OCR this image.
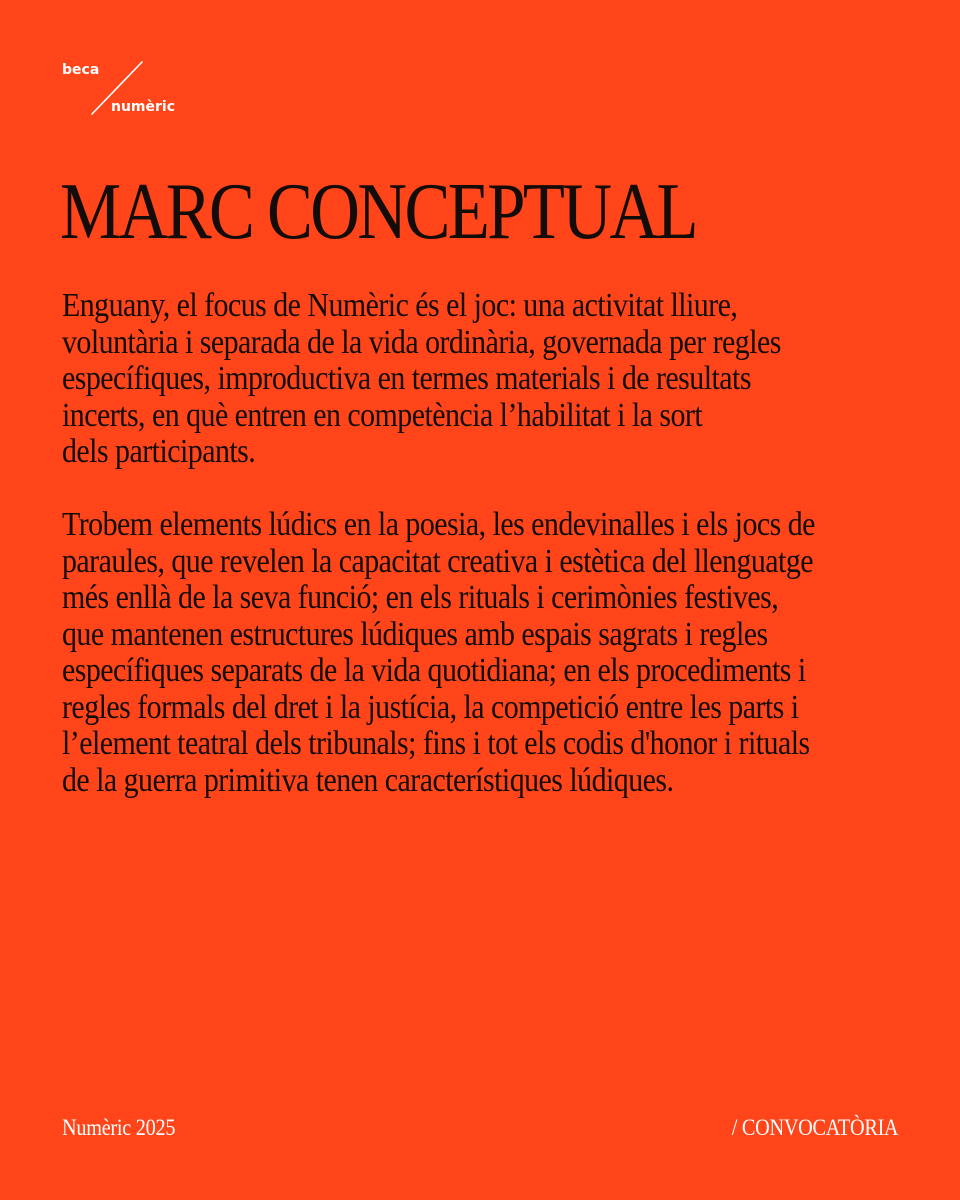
beca
numèric
MARC CONCEPTUAL

Enguany, el focus de Numèric és el joc: una activitat lliure,
voluntària i separada de la vida ordinària, governada per regles
específiques, improductiva en termes materials i de resultats
incerts, en què entren en competència l’habilitat i la sort
dels participants.

Trobem elements lúdics en la poesia, les endevinalles i els jocs de
paraules, que revelen la capacitat creativa i estètica del llenguatge
més enllà de la seva funció; en els rituals i cerimònies festives,
que mantenen estructures lúdiques amb espais sagrats i regles
específiques separats de la vida quotidiana; en els procediments i
regles formals del dret i la justícia, la competició entre les parts i
l’element teatral dels tribunals; fins i tot els codis d'honor i rituals
de la guerra primitiva tenen característiques lúdiques.

Numèric 2025	/ CONVOCATÒRIA
